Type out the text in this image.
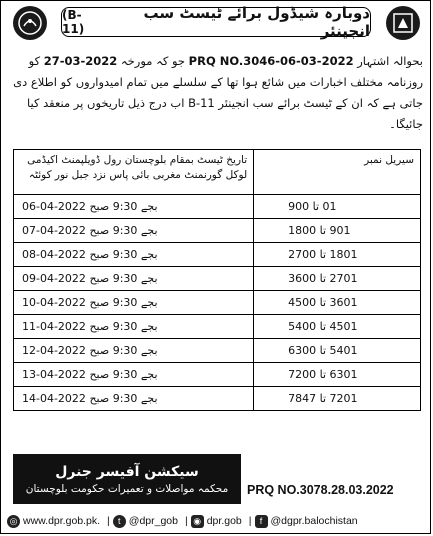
دوبارہ شیڈول برائے ٹیسٹ سب انجینئر
(B-11)
بحوالہ اشتہار PRQ NO.3046-06-03-2022 جو کہ مورخہ 27-03-2022 کو روزنامہ مختلف اخبارات میں شائع ہوا تھا کے سلسلے میں تمام امیدواروں کو اطلاع دی جاتی ہے کہ ان کے ٹیسٹ برائے سب انجینئر B-11 اب درج ذیل تاریخوں پر منعقد کیا جائیگا۔
تاریخ ٹیسٹ بمقام بلوچستان رول ڈویلپمنٹ اکیڈمی لوکل گورنمنٹ مغربی بائی پاس نزد جبل نور کوئٹہ	سیریل نمبر
06-04-2022 صبح 9:30 بجے	01 تا 900
07-04-2022 صبح 9:30 بجے	901 تا 1800
08-04-2022 صبح 9:30 بجے	1801 تا 2700
09-04-2022 صبح 9:30 بجے	2701 تا 3600
10-04-2022 صبح 9:30 بجے	3601 تا 4500
11-04-2022 صبح 9:30 بجے	4501 تا 5400
12-04-2022 صبح 9:30 بجے	5401 تا 6300
13-04-2022 صبح 9:30 بجے	6301 تا 7200
14-04-2022 صبح 9:30 بجے	7201 تا 7847
سیکشن آفیسر جنرل
محکمہ مواصلات و تعمیرات حکومت بلوچستان PRQ NO.3078.28.03.2022
◎ www.dpr.gob.pk. | t @dpr_gob | ◉ dpr.gob | f @dgpr.balochistan
